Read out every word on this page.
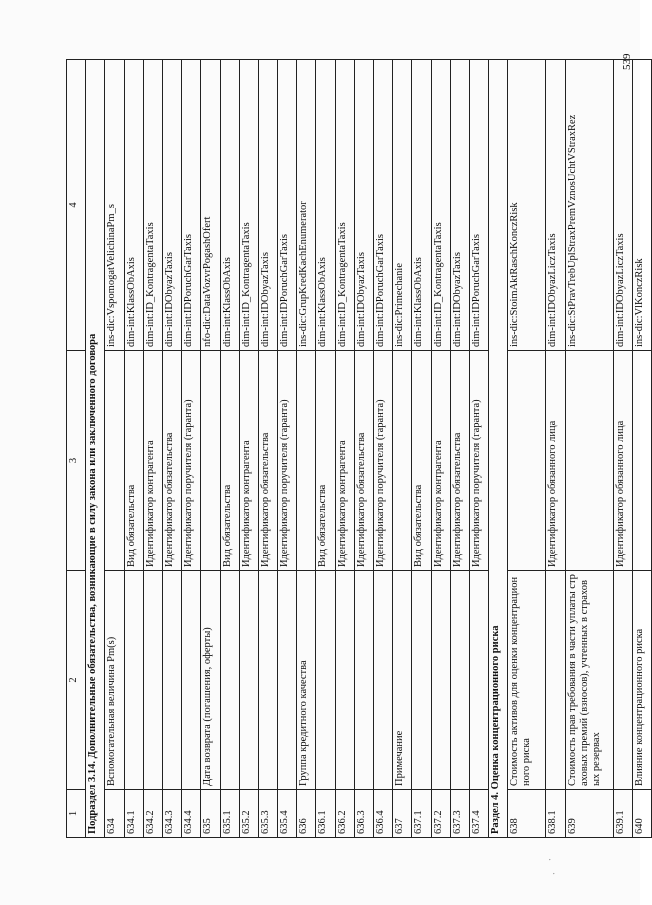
539
⠂
⠂
1	2	3	4
Подраздел 3.14. Дополнительные обязательства, возникающие в силу закона или заключенного договора			
634	Вспомогательная величина Pm(s)		ins-dic:VspomogatVelichinaPm_s
634.1		Вид обязательства	dim-int:KlassObAxis
634.2		Идентификатор контрагента	dim-int:ID_KontragentaTaxis
634.3		Идентификатор обязательства	dim-int:IDObyazTaxis
634.4		Идентификатор поручителя (гаранта)	dim-int:IDPoruchGarTaxis
635	Дата возврата (погашения, оферты)		nfo-dic:DataVozvrPogashOfert
635.1		Вид обязательства	dim-int:KlassObAxis
635.2		Идентификатор контрагента	dim-int:ID_KontragentaTaxis
635.3		Идентификатор обязательства	dim-int:IDObyazTaxis
635.4		Идентификатор поручителя (гаранта)	dim-int:IDPoruchGarTaxis
636	Группа кредитного качества		ins-dic:GrupKredKachEnumerator
636.1		Вид обязательства	dim-int:KlassObAxis
636.2		Идентификатор контрагента	dim-int:ID_KontragentaTaxis
636.3		Идентификатор обязательства	dim-int:IDObyazTaxis
636.4		Идентификатор поручителя (гаранта)	dim-int:IDPoruchGarTaxis
637	Примечание		ins-dic:Primechanie
637.1		Вид обязательства	dim-int:KlassObAxis
637.2		Идентификатор контрагента	dim-int:ID_KontragentaTaxis
637.3		Идентификатор обязательства	dim-int:IDObyazTaxis
637.4		Идентификатор поручителя (гаранта)	dim-int:IDPoruchGarTaxis
Раздел 4. Оценка концентрационного риска			
638	Стоимость активов для оценки концентрационного риска		ins-dic:StoimAktRaschKonczRisk
638.1		Идентификатор обязанного лица	dim-int:IDObyazLiczTaxis
639	Стоимость прав требования в части уплаты страховых премий (взносов), учтенных в страховых резервах		ins-dic:StPravTrebUplStraxPremVznosUchtVStraxRez
639.1		Идентификатор обязанного лица	dim-int:IDObyazLiczTaxis
640	Влияние концентрационного риска		ins-dic:VlKonczRisk
